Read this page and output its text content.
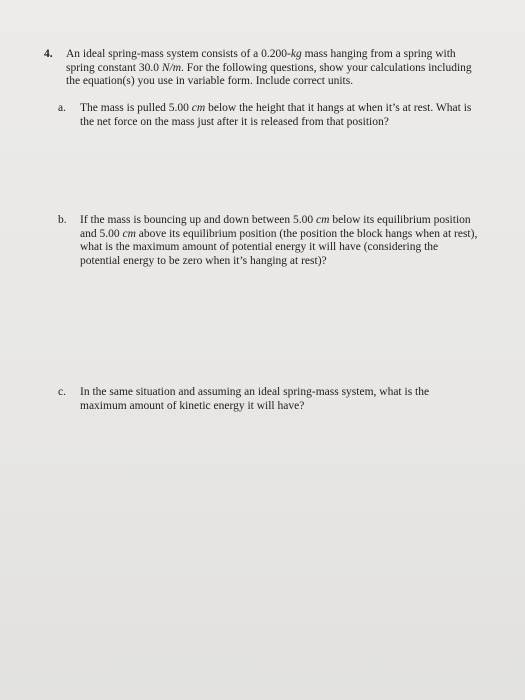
4.	An ideal spring-mass system consists of a 0.200-kg mass hanging from a spring with spring constant 30.0 N/m. For the following questions, show your calculations including the equation(s) you use in variable form. Include correct units.
a.	The mass is pulled 5.00 cm below the height that it hangs at when it’s at rest. What is the net force on the mass just after it is released from that position?
b.	If the mass is bouncing up and down between 5.00 cm below its equilibrium position and 5.00 cm above its equilibrium position (the position the block hangs when at rest), what is the maximum amount of potential energy it will have (considering the potential energy to be zero when it’s hanging at rest)?
c.	In the same situation and assuming an ideal spring-mass system, what is the maximum amount of kinetic energy it will have?
